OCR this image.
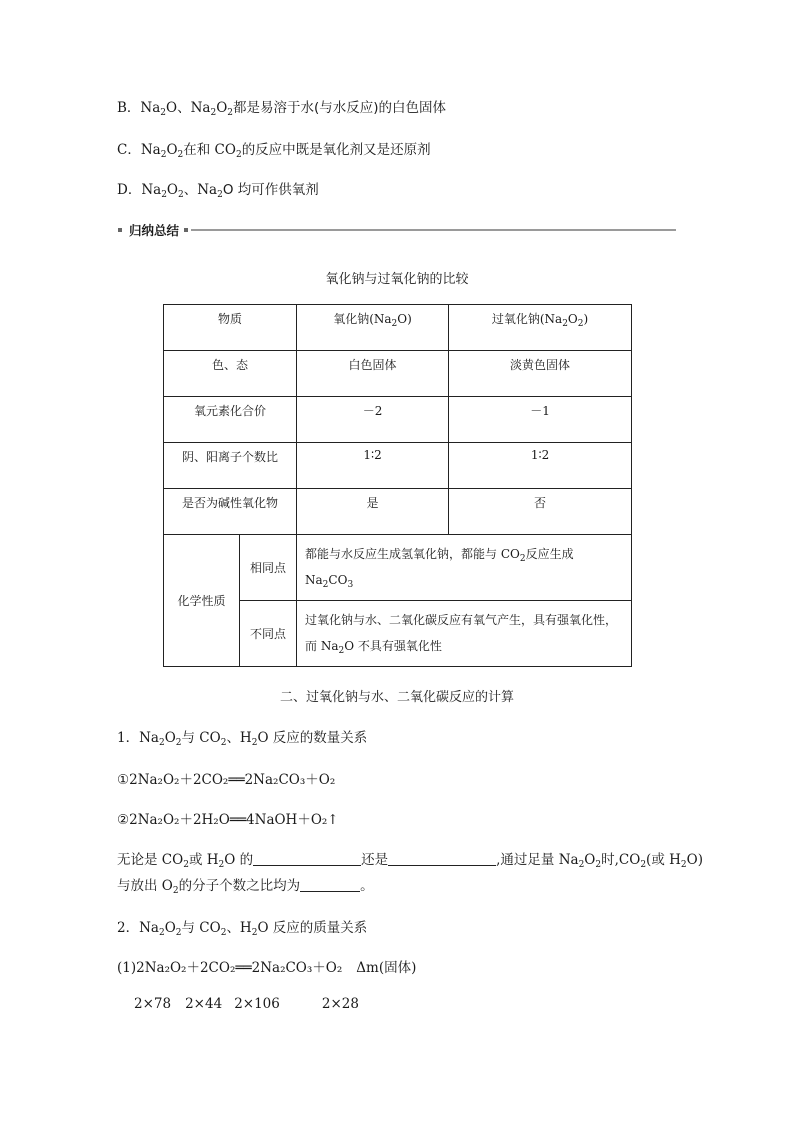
B．$Na_2O$、$Na_2O_2$都是易溶于水(与水反应)的白色固体
C．$Na_2O_2$在和 $CO_2$的反应中既是氧化剂又是还原剂
D．$Na_2O_2$、$Na_2O$ 均可作供氧剂
归纳总结
氧化钠与过氧化钠的比较
物质		氧化钠$(Na_2O)$	过氧化钠$(Na_2O_2)$
色、态		白色固体	淡黄色固体
氧元素化合价		－2	－1
阴、阳离子个数比		1∶2	1∶2
是否为碱性氧化物		是	否
化学性质	相同点	都能与水反应生成氢氧化钠，都能与 $CO_2$反应生成
$Na_2CO_3$
	不同点	过氧化钠与水、二氧化碳反应有氧气产生，具有强氧化性，而 $Na_2O$ 不具有强氧化性	
二、过氧化钠与水、二氧化碳反应的计算
1．$Na_2O_2$与 $CO_2$、$H_2O$ 反应的数量关系
①2Na₂O₂＋2CO₂══2Na₂CO₃＋O₂
②2Na₂O₂＋2H₂O══4NaOH＋O₂↑
无论是 $CO_2$或 $H_2O$ 的	还是	,通过足量 $Na_2O_2$时$,CO_2$(或 $H_2O$)
与放出 $O_2$的分子个数之比均为	。
2．$Na_2O_2$与 $CO_2$、$H_2O$ 反应的质量关系
(1)2Na₂O₂＋2CO₂══2Na₂CO₃＋O₂ Δm(固体)
2×78 2×44 2×106	2×28
